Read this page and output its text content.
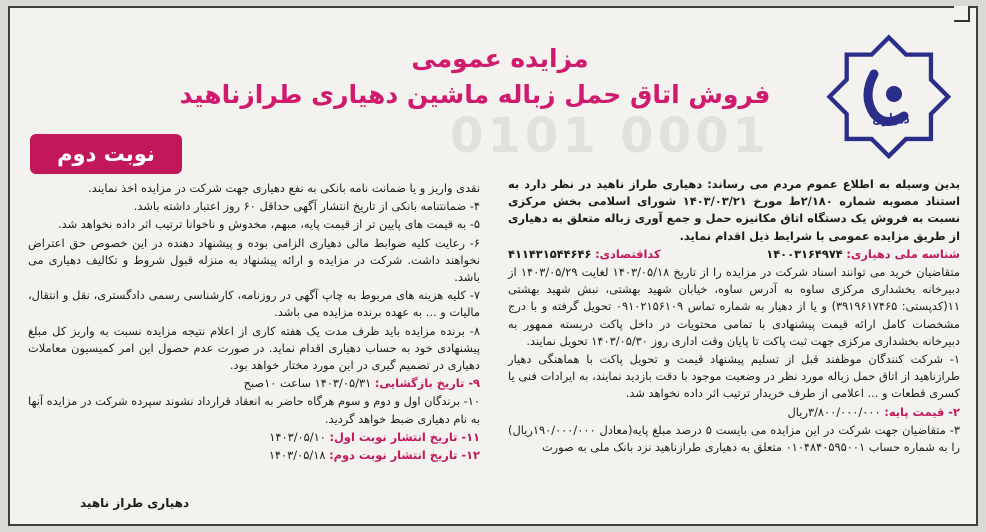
0101 0001	دهیاری
مزایده عمومی
فروش اتاق حمل زباله ماشین دهیاری طرازناهید
نوبت دوم

بدین وسیله به اطلاع عموم مردم می رساند: دهیاری طراز ناهید در نظر دارد به استناد مصوبه شماره ۲/۱۸۰ط مورخ ۱۴۰۳/۰۳/۲۱ شورای اسلامی بخش مرکزی نسبت به فروش یک دستگاه اتاق مکانیزه حمل و جمع آوری زباله متعلق به دهیاری از طریق مزایده عمومی با شرایط ذیل اقدام نماید.

شناسه ملی دهیاری: ۱۴۰۰۳۱۶۴۹۷۴
کداقتصادی: ۴۱۱۴۳۱۵۴۴۶۴۶

متقاضیان خرید می توانند اسناد شرکت در مزایده را از تاریخ ۱۴۰۳/۰۵/۱۸ لغایت ۱۴۰۳/۰۵/۲۹ از دبیرخانه بخشداری مرکزی ساوه به آدرس ساوه، خیابان شهید بهشتی، نبش شهید بهشتی ۱۱(کدپستی: ۳۹۱۹۶۱۷۴۶۵) و یا از دهیار به شماره تماس ۰۹۱۰۲۱۵۶۱۰۹ تحویل گرفته و با درج مشخصات کامل ارائه قیمت پیشنهادی با تمامی محتویات در داخل پاکت دربسته ممهور به دبیرخانه بخشداری مرکزی جهت ثبت پاکت تا پایان وقت اداری روز ۱۴۰۳/۰۵/۳۰ تحویل نمایند.

۱- شرکت کنندگان موظفند قبل از تسلیم پیشنهاد قیمت و تحویل پاکت با هماهنگی دهیار طرازناهید از اتاق حمل زباله مورد نظر در وضعیت موجود با دقت بازدید نمایند، به ایرادات فنی یا کسری قطعات و ... اعلامی از طرف خریدار ترتیب اثر داده نخواهد شد.

۲- قیمت پایه: ۳/۸۰۰/۰۰۰/۰۰۰ریال

۳- متقاضیان جهت شرکت در این مزایده می بایست ۵ درصد مبلغ پایه(معادل ۱۹۰/۰۰۰/۰۰۰ریال) را به شماره حساب ۰۱۰۴۸۴۰۵۹۵۰۰۱ متعلق به دهیاری طرازناهید نزد بانک ملی به صورت

نقدی واریز و یا ضمانت نامه بانکی به نفع دهیاری جهت شرکت در مزایده اخذ نمایند.

۴- ضمانتنامه بانکی از تاریخ انتشار آگهی حداقل ۶۰ روز اعتبار داشته باشد.

۵- به قیمت های پایین تر از قیمت پایه، مبهم، مخدوش و ناخوانا ترتیب اثر داده نخواهد شد.

۶- رعایت کلیه ضوابط مالی دهیاری الزامی بوده و پیشنهاد دهنده در این خصوص حق اعتراض نخواهند داشت. شرکت در مزایده و ارائه پیشنهاد به منزله قبول شروط و تکالیف دهیاری می باشد.

۷- کلیه هزینه های مربوط به چاپ آگهی در روزنامه، کارشناسی رسمی دادگستری، نقل و انتقال، مالیات و ... به عهده برنده مزایده می باشد.

۸- برنده مزایده باید ظرف مدت یک هفته کاری از اعلام نتیجه مزایده نسبت به واریز کل مبلغ پیشنهادی خود به حساب دهیاری اقدام نماید. در صورت عدم حصول این امر کمیسیون معاملات دهیاری در تصمیم گیری در این مورد مختار خواهد بود.

۹- تاریخ بازگشایی: ۱۴۰۳/۰۵/۳۱ ساعت ۱۰صبح

۱۰- برندگان اول و دوم و سوم هرگاه حاضر به انعقاد قرارداد نشوند سپرده شرکت در مزایده آنها به نام دهیاری ضبط خواهد گردید.

۱۱- تاریخ انتشار نوبت اول: ۱۴۰۳/۰۵/۱۰

۱۲- تاریخ انتشار نوبت دوم: ۱۴۰۳/۰۵/۱۸

دهیاری طراز ناهید
